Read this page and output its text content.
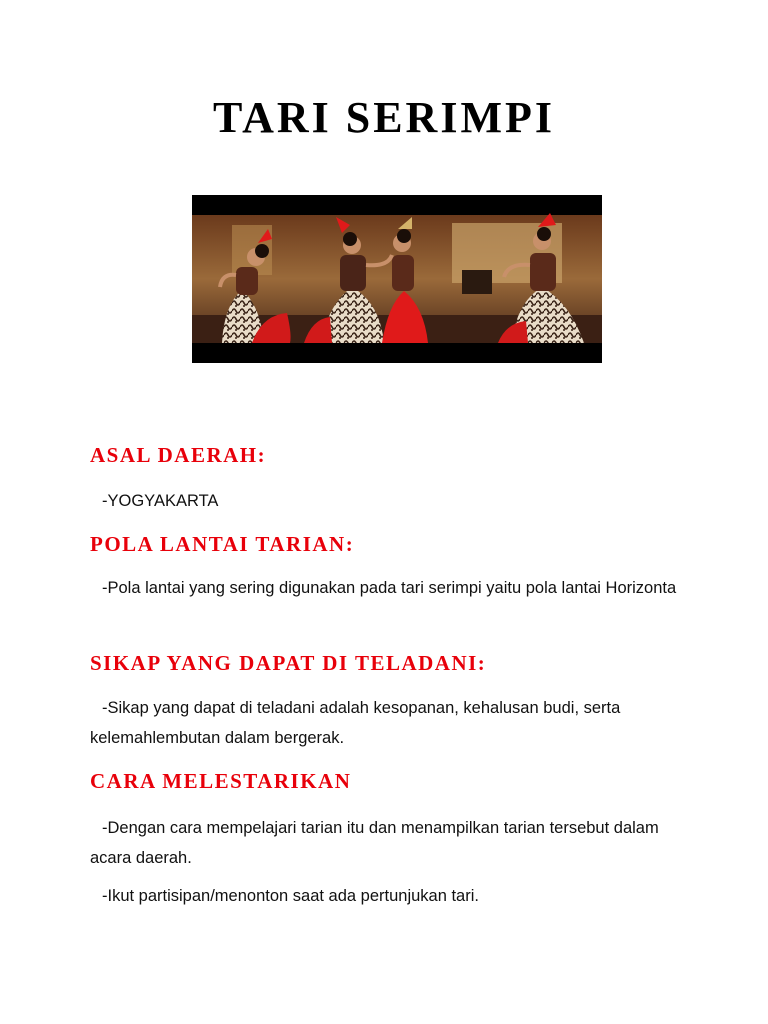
TARI SERIMPI
ASAL DAERAH:

-YOGYAKARTA

POLA LANTAI TARIAN:

-Pola lantai yang sering digunakan pada tari serimpi yaitu pola lantai Horizonta

SIKAP YANG DAPAT DI TELADANI:

-Sikap yang dapat di teladani adalah kesopanan, kehalusan budi, serta kelemahlembutan dalam bergerak.

CARA MELESTARIKAN

-Dengan cara mempelajari tarian itu dan menampilkan tarian tersebut dalam acara daerah.

-Ikut partisipan/menonton saat ada pertunjukan tari.
